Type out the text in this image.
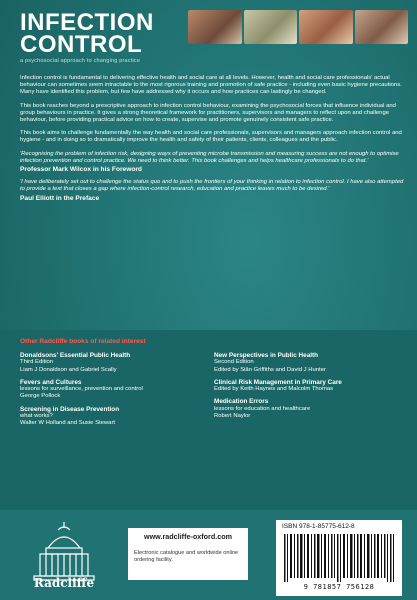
INFECTION
CONTROL
a psychosocial approach to changing practice

Infection control is fundamental to delivering effective health and social care at all levels. However, health and social care professionals' actual behaviour can sometimes seem intractable to the most rigorous training and promotion of safe practice - including even basic hygiene precautions. Many have identified this problem, but few have addressed why it occurs and how practices can lastingly be changed.

This book reaches beyond a prescriptive approach to infection control behaviour, examining the psychosocial forces that influence individual and group behaviours in practice. It gives a strong theoretical framework for practitioners, supervisors and managers to reflect upon and challenge behaviour, before providing practical advice on how to create, supervise and promote genuinely consistent safe practice.

This book aims to challenge fundamentally the way health and social care professionals, supervisors and managers approach infection control and hygiene - and in doing so to dramatically improve the health and safety of their patients, clients, colleagues and the public.

'Recognising the problem of infection risk, designing ways of preventing microbe transmission and measuring success are not enough to optimise infection prevention and control practice. We need to think better. This book challenges and helps healthcare professionals to do that.'

Professor Mark Wilcox in his Foreword

'I have deliberately set out to challenge the status quo and to push the frontiers of your thinking in relation to infection control. I have also attempted to provide a text that closes a gap where infection-control research, education and practice leaves much to be desired.'

Paul Elliott in the Preface

Other Radcliffe books of related interest
Donaldsons' Essential Public Health
Third Edition
Liam J Donaldson and Gabriel Scally
Fevers and Cultures
lessons for surveillance, prevention and control
George Pollock
Screening in Disease Prevention
what works?
Walter W Holland and Susie Stewart
New Perspectives in Public Health
Second Edition
Edited by Siân Griffiths and David J Hunter
Clinical Risk Management in Primary Care
Edited by Keith Haynes and Malcolm Thomas
Medication Errors
lessons for education and healthcare
Robert Naylor
Radcliffe
www.radcliffe-oxford.com
Electronic catalogue and worldwide online ordering facility.
ISBN 978-1-85775-612-8
9 781857 756128
